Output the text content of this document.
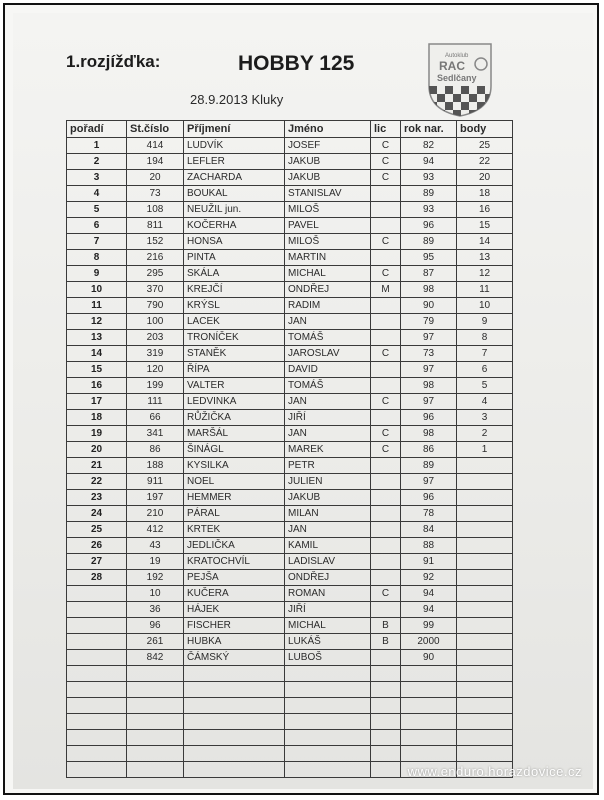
1.rozjížďka:	HOBBY 125
28.9.2013 Kluky
Autoklub
RAC
Sedlčany
pořadí	St.číslo	Příjmení	Jméno	lic	rok nar.	body
1	414	LUDVÍK	JOSEF	C	82	25
2	194	LEFLER	JAKUB	C	94	22
3	20	ZACHARDA	JAKUB	C	93	20
4	73	BOUKAL	STANISLAV		89	18
5	108	NEUŽIL jun.	MILOŠ		93	16
6	811	KOČERHA	PAVEL		96	15
7	152	HONSA	MILOŠ	C	89	14
8	216	PINTA	MARTIN		95	13
9	295	SKÁLA	MICHAL	C	87	12
10	370	KREJČÍ	ONDŘEJ	M	98	11
11	790	KRÝSL	RADIM		90	10
12	100	LACEK	JAN		79	9
13	203	TRONÍČEK	TOMÁŠ		97	8
14	319	STANĚK	JAROSLAV	C	73	7
15	120	ŘÍPA	DAVID		97	6
16	199	VALTER	TOMÁŠ		98	5
17	111	LEDVINKA	JAN	C	97	4
18	66	RŮŽIČKA	JIŘÍ		96	3
19	341	MARŠÁL	JAN	C	98	2
20	86	ŠINÁGL	MAREK	C	86	1
21	188	KYSILKA	PETR		89	
22	911	NOEL	JULIEN		97	
23	197	HEMMER	JAKUB		96	
24	210	PÁRAL	MILAN		78	
25	412	KRTEK	JAN		84	
26	43	JEDLIČKA	KAMIL		88	
27	19	KRATOCHVÍL	LADISLAV		91	
28	192	PEJŠA	ONDŘEJ		92	
	10	KUČERA	ROMAN	C	94	
	36	HÁJEK	JIŘÍ		94	
	96	FISCHER	MICHAL	B	99	
	261	HUBKA	LUKÁŠ	B	2000	
	842	ČÁMSKÝ	LUBOŠ		90	

www.enduro.horazdovice.cz
